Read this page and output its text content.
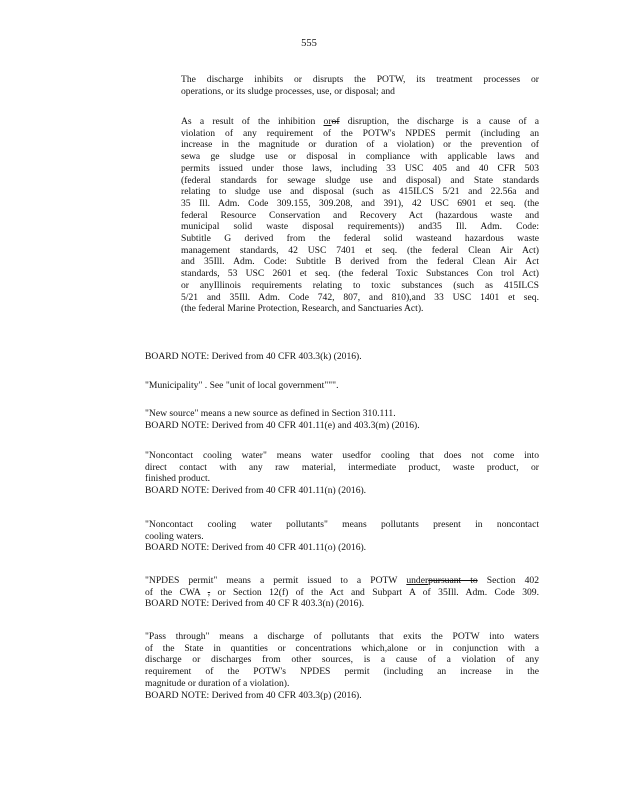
555
The discharge inhibits or disrupts the POTW, its treatment processes or
operations, or its sludge processes, use, or disposal; and
As a result of the inhibition orof disruption, the discharge is a cause of a
violation of any requirement of the POTW's NPDES permit (including an
increase in the magnitude or duration of a violation) or the prevention of
sewa ge sludge use or disposal in compliance with applicable laws and
permits issued under those laws, including 33 USC 405 and 40 CFR 503
(federal standards for sewage sludge use and disposal) and State standards
relating to sludge use and disposal (such as 415ILCS 5/21 and 22.56a and
35 Ill. Adm. Code 309.155, 309.208, and 391), 42 USC 6901 et seq. (the
federal Resource Conservation and Recovery Act (hazardous waste and
municipal solid waste disposal requirements)) and35 Ill. Adm. Code:
Subtitle G derived from the federal solid wasteand hazardous waste
management standards, 42 USC 7401 et seq. (the federal Clean Air Act)
and 35Ill. Adm. Code: Subtitle B derived from the federal Clean Air Act
standards, 53 USC 2601 et seq. (the federal Toxic Substances Con trol Act)
or anyIllinois requirements relating to toxic substances (such as 415ILCS
5/21 and 35Ill. Adm. Code 742, 807, and 810),and 33 USC 1401 et seq.
(the federal Marine Protection, Research, and Sanctuaries Act).
BOARD NOTE: Derived from 40 CFR 403.3(k) (2016).
"Municipality" . See "unit of local government""".
"New source" means a new source as defined in Section 310.111.
BOARD NOTE: Derived from 40 CFR 401.11(e) and 403.3(m) (2016).
"Noncontact cooling water" means water usedfor cooling that does not come into
direct contact with any raw material, intermediate product, waste product, or
finished product.
BOARD NOTE: Derived from 40 CFR 401.11(n) (2016).
"Noncontact cooling water pollutants" means pollutants present in noncontact
cooling waters.
BOARD NOTE: Derived from 40 CFR 401.11(o) (2016).
"NPDES permit" means a permit issued to a POTW underpursuant to Section 402
of the CWA , or Section 12(f) of the Act and Subpart A of 35Ill. Adm. Code 309.
BOARD NOTE: Derived from 40 CF R 403.3(n) (2016).
"Pass through" means a discharge of pollutants that exits the POTW into waters
of the State in quantities or concentrations which,alone or in conjunction with a
discharge or discharges from other sources, is a cause of a violation of any
requirement of the POTW's NPDES permit (including an increase in the
magnitude or duration of a violation).
BOARD NOTE: Derived from 40 CFR 403.3(p) (2016).
